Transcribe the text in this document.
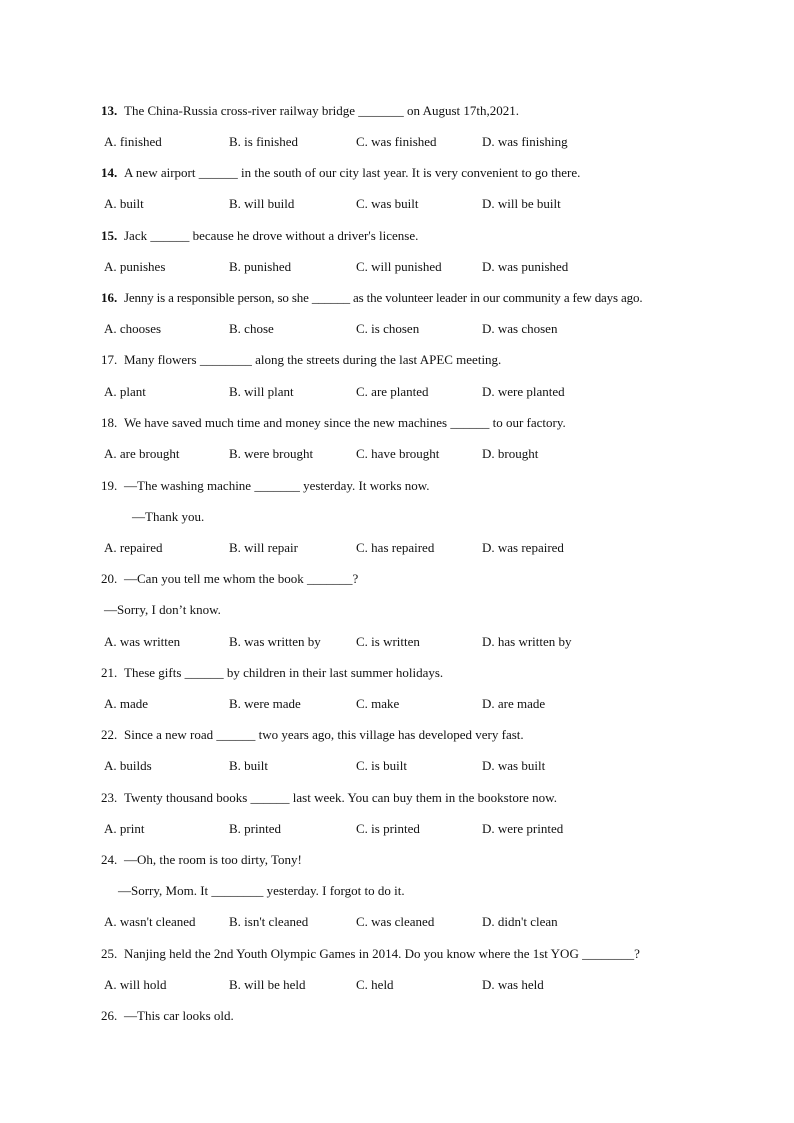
13. The China-Russia cross-river railway bridge _______ on August 17th,2021.
A. finished	B. is finished	C. was finished	D. was finishing
14. A new airport ______ in the south of our city last year. It is very convenient to go there.
A. built	B. will build	C. was built	D. will be built
15. Jack ______ because he drove without a driver's license.
A. punishes	B. punished	C. will punished	D. was punished
16. Jenny is a responsible person, so she ______ as the volunteer leader in our community a few days ago.
A. chooses	B. chose	C. is chosen	D. was chosen
17. Many flowers ________ along the streets during the last APEC meeting.
A. plant	B. will plant	C. are planted	D. were planted
18. We have saved much time and money since the new machines ______ to our factory.
A. are brought	B. were brought	C. have brought	D. brought
19. —The washing machine _______ yesterday. It works now.
—Thank you.
A. repaired	B. will repair	C. has repaired	D. was repaired
20. —Can you tell me whom the book _______?
—Sorry, I don’t know.
A. was written	B. was written by	C. is written	D. has written by
21. These gifts ______ by children in their last summer holidays.
A. made	B. were made	C. make	D. are made
22. Since a new road ______ two years ago, this village has developed very fast.
A. builds	B. built	C. is built	D. was built
23. Twenty thousand books ______ last week. You can buy them in the bookstore now.
A. print	B. printed	C. is printed	D. were printed
24. —Oh, the room is too dirty, Tony!
—Sorry, Mom. It ________ yesterday. I forgot to do it.
A. wasn't cleaned	B. isn't cleaned	C. was cleaned	D. didn't clean
25. Nanjing held the 2nd Youth Olympic Games in 2014. Do you know where the 1st YOG ________?
A. will hold	B. will be held	C. held	D. was held
26. —This car looks old.
